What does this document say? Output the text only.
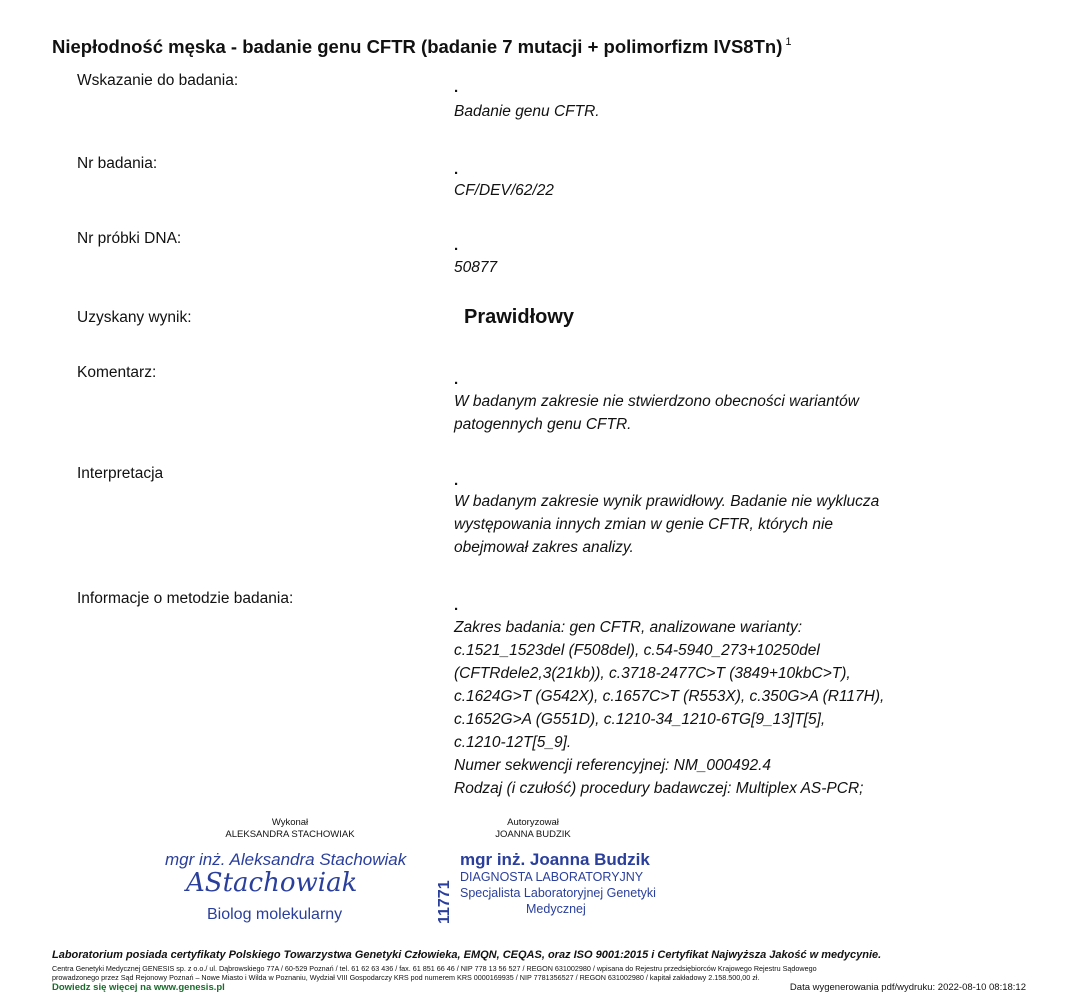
Niepłodność męska - badanie genu CFTR (badanie 7 mutacji + polimorfizm IVS8Tn) $^1$
Wskazanie do badania:	.
Badanie genu CFTR.
Nr badania:	.
CF/DEV/62/22
Nr próbki DNA:	.
50877
Uzyskany wynik:	Prawidłowy
Komentarz:	.
W badanym zakresie nie stwierdzono obecności wariantów
patogennych genu CFTR.
Interpretacja	.
W badanym zakresie wynik prawidłowy. Badanie nie wyklucza
występowania innych zmian w genie CFTR, których nie
obejmował zakres analizy.
Informacje o metodzie badania:	.
Zakres badania: gen CFTR, analizowane warianty:
c.1521_1523del (F508del), c.54-5940_273+10250del
(CFTRdele2,3(21kb)), c.3718-2477C>T (3849+10kbC>T),
c.1624G>T (G542X), c.1657C>T (R553X), c.350G>A (R117H),
c.1652G>A (G551D), c.1210-34_1210-6TG[9_13]T[5],
c.1210-12T[5_9].
Numer sekwencji referencyjnej: NM_000492.4
Rodzaj (i czułość) procedury badawczej: Multiplex AS-PCR;
Wykonał
ALEKSANDRA STACHOWIAK
Autoryzował
JOANNA BUDZIK
mgr inż. Aleksandra Stachowiak
AStachowiak
Biolog molekularny	11771
mgr inż. Joanna Budzik
DIAGNOSTA LABORATORYJNY
Specjalista Laboratoryjnej Genetyki
Medycznej
Laboratorium posiada certyfikaty Polskiego Towarzystwa Genetyki Człowieka, EMQN, CEQAS, oraz ISO 9001:2015 i Certyfikat Najwyższa Jakość w medycynie.
Centra Genetyki Medycznej GENESIS sp. z o.o./ ul. Dąbrowskiego 77A / 60-529 Poznań / tel. 61 62 63 436 / fax. 61 851 66 46 / NIP 778 13 56 527 / REGON 631002980 / wpisana do Rejestru przedsiębiorców Krajowego Rejestru Sądowego
prowadzonego przez Sąd Rejonowy Poznań – Nowe Miasto i Wilda w Poznaniu, Wydział VIII Gospodarczy KRS pod numerem KRS 0000169935 / NIP 7781356527 / REGON 631002980 / kapitał zakładowy 2.158.500,00 zł.
Dowiedz się więcej na www.genesis.pl	Data wygenerowania pdf/wydruku: 2022-08-10 08:18:12
